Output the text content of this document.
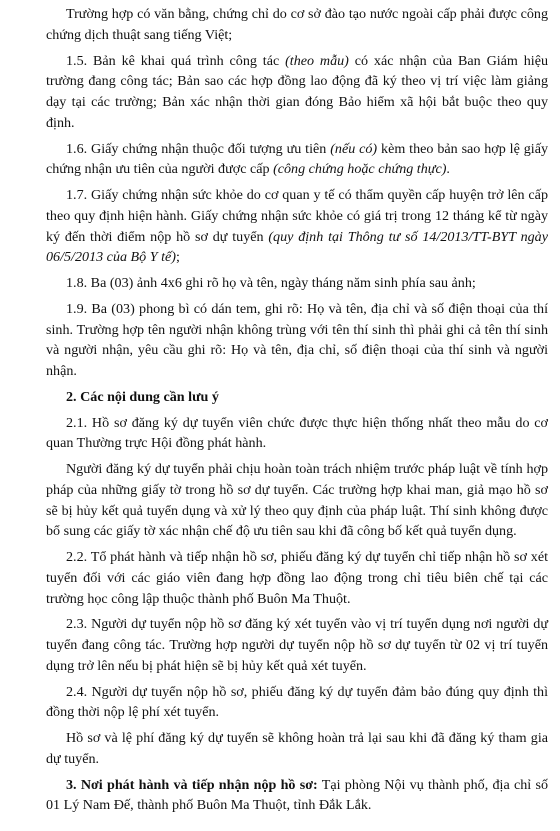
Trường hợp có văn bằng, chứng chỉ do cơ sở đào tạo nước ngoài cấp phải được công chứng dịch thuật sang tiếng Việt;

1.5. Bản kê khai quá trình công tác (theo mẫu) có xác nhận của Ban Giám hiệu trường đang công tác; Bản sao các hợp đồng lao động đã ký theo vị trí việc làm giảng dạy tại các trường; Bản xác nhận thời gian đóng Bảo hiểm xã hội bắt buộc theo quy định.

1.6. Giấy chứng nhận thuộc đối tượng ưu tiên (nếu có) kèm theo bản sao hợp lệ giấy chứng nhận ưu tiên của người được cấp (công chứng hoặc chứng thực).

1.7. Giấy chứng nhận sức khỏe do cơ quan y tế có thẩm quyền cấp huyện trở lên cấp theo quy định hiện hành. Giấy chứng nhận sức khỏe có giá trị trong 12 tháng kể từ ngày ký đến thời điểm nộp hồ sơ dự tuyển (quy định tại Thông tư số 14/2013/TT-BYT ngày 06/5/2013 của Bộ Y tế);

1.8. Ba (03) ảnh 4x6 ghi rõ họ và tên, ngày tháng năm sinh phía sau ảnh;

1.9. Ba (03) phong bì có dán tem, ghi rõ: Họ và tên, địa chỉ và số điện thoại của thí sinh. Trường hợp tên người nhận không trùng với tên thí sinh thì phải ghi cả tên thí sinh và người nhận, yêu cầu ghi rõ: Họ và tên, địa chỉ, số điện thoại của thí sinh và người nhận.

2. Các nội dung cần lưu ý

2.1. Hồ sơ đăng ký dự tuyển viên chức được thực hiện thống nhất theo mẫu do cơ quan Thường trực Hội đồng phát hành.

Người đăng ký dự tuyển phải chịu hoàn toàn trách nhiệm trước pháp luật về tính hợp pháp của những giấy tờ trong hồ sơ dự tuyển. Các trường hợp khai man, giả mạo hồ sơ sẽ bị hủy kết quả tuyển dụng và xử lý theo quy định của pháp luật. Thí sinh không được bổ sung các giấy tờ xác nhận chế độ ưu tiên sau khi đã công bố kết quả tuyển dụng.

2.2. Tổ phát hành và tiếp nhận hồ sơ, phiếu đăng ký dự tuyển chỉ tiếp nhận hồ sơ xét tuyển đối với các giáo viên đang hợp đồng lao động trong chỉ tiêu biên chế tại các trường học công lập thuộc thành phố Buôn Ma Thuột.

2.3. Người dự tuyển nộp hồ sơ đăng ký xét tuyển vào vị trí tuyển dụng nơi người dự tuyển đang công tác. Trường hợp người dự tuyển nộp hồ sơ dự tuyển từ 02 vị trí tuyển dụng trở lên nếu bị phát hiện sẽ bị hủy kết quả xét tuyển.

2.4. Người dự tuyển nộp hồ sơ, phiếu đăng ký dự tuyển đảm bảo đúng quy định thì đồng thời nộp lệ phí xét tuyển.

Hồ sơ và lệ phí đăng ký dự tuyển sẽ không hoàn trả lại sau khi đã đăng ký tham gia dự tuyển.

3. Nơi phát hành và tiếp nhận nộp hồ sơ: Tại phòng Nội vụ thành phố, địa chỉ số 01 Lý Nam Đế, thành phố Buôn Ma Thuột, tỉnh Đắk Lắk.
